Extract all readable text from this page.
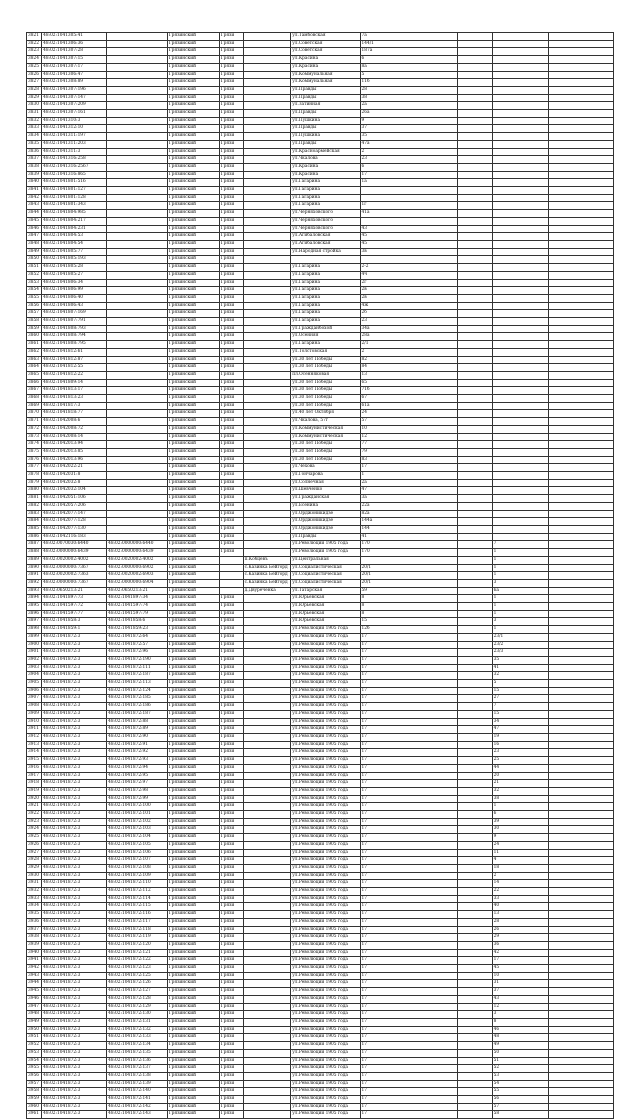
3821	48:02:1041305:41		Грязинский	Грязи		ул.Тамбовская	7а			
3822	48:02:1041306:36		Грязинский	Грязи		ул.Советская	144/1			
3823	48:02:1041307:28		Грязинский	Грязи		ул.Советская	187а			
3824	48:02:1041307:15		Грязинский	Грязи		ул.Красина	6			
3825	48:02:1041307:17		Грязинский	Грязи		ул.Красина	8а			
3826	48:02:1041306:47		Грязинский	Грязи		ул.Коммунальная	5			
3827	48:02:1041308:89		Грязинский	Грязи		ул.Коммунальная	11б			
3828	48:02:1041307:196		Грязинский	Грязи		ул.Правды	28			
3829	48:02:1041307:147		Грязинский	Грязи		ул.Правды	38			
3830	48:02:1041307:209		Грязинский	Грязи		ул.Затинная	2а			
3831	48:02:1041307:161		Грязинский	Грязи		ул.Правды	26а			
3832	48:02:1041310:3		Грязинский	Грязи		ул.Пушкина	9			
3833	48:02:1041312:10		Грязинский	Грязи		ул.Правды	37			
3834	48:02:1041311:197		Грязинский	Грязи		ул.Пушкина	35			
3835	48:02:1041311:203		Грязинский	Грязи		ул.Правды	47а			
3836	48:02:1041311:3		Грязинский	Грязи		ул.Красноармейская	2			
3837	48:02:1041316:258		Грязинский	Грязи		ул.Чкалова	23			
3838	48:02:1041316:2567		Грязинский	Грязи		ул.Красина	6			
3839	48:02:1041316:865		Грязинский	Грязи		ул.Красина	17			
3840	48:02:1041801:516		Грязинский	Грязи		ул.Гагарина	1а			
3841	48:02:1041801:127		Грязинский	Грязи		ул.Гагарина				
3842	48:02:1041801:128		Грязинский	Грязи		ул.Гагарина				
3843	48:02:1041801:343		Грязинский	Грязи		ул.Гагарина	1г			
3844	48:02:1041804:985		Грязинский	Грязи		ул.Черняховского	41а			
3845	48:02:1041804:217		Грязинский	Грязи		ул.Черняховского				
3846	48:02:1041804:231		Грязинский	Грязи		ул.Черняховского	43			
3847	48:02:1041804:53		Грязинский	Грязи		ул.Агибаловская	45			
3848	48:02:1041804:54		Грязинский	Грязи		ул.Агибаловская	45			
3849	48:02:1041805:77		Грязинский	Грязи		ул.Народная стройка	3в			
3850	48:02:1041805:193		Грязинский	Грязи						
3851	48:02:1041805:28		Грязинский	Грязи		ул.Гагарина	2-2			
3852	48:02:1041805:27		Грязинский	Грязи		ул.Гагарина	4ч			
3853	48:02:1041806:34		Грязинский	Грязи		ул.Гагарина	2г			
3854	48:02:1041806:99		Грязинский	Грязи		ул.Гагарина	2в			
3855	48:02:1041806:40		Грязинский	Грязи		ул.Гагарина	2в			
3856	48:02:1041806:43		Грязинский	Грязи		ул.Гагарина	4ж			
3857	48:02:1041807:169		Грязинский	Грязи		ул.Гагарина	2б			
3858	48:02:1041807:791		Грязинский	Грязи		ул.Гагарина	23			
3859	48:02:1041808:793		Грязинский	Грязи		ул.Гражданбохой	34а			
3860	48:02:1041808:794		Грязинский	Грязи		ул.Осенняя	28а			
3861	48:02:1041808:795		Грязинский	Грязи		ул.Гагарина	2/1			
3862	48:02:1041812:61		Грязинский	Грязи		ул.Толстовская	2			
3863	48:02:1041812:87		Грязинский	Грязи		ул.30 лет Победы	82			
3864	48:02:1041812:55		Грязинский	Грязи		ул.30 лет Победы	84			
3865	48:02:1041812:22		Грязинский	Грязи		пл.Осенняковая	13			
3866	48:02:1041809:14		Грязинский	Грязи		ул.30 лет Победы	65			
3867	48:02:1041813:17		Грязинский	Грязи		ул.30 лет Победы	71б			
3868	48:02:1041813:23		Грязинский	Грязи		ул.30 лет Победы	67			
3869	48:02:1041817:3		Грязинский	Грязи		ул.30 лет Победы	61а			
3870	48:02:1041818:77		Грязинский	Грязи		ул.40 лет Октября	24			
3871	48:02:1042008:6		Грязинский	Грязи		ул.Чкалова, 57г	57			
3872	48:02:1042008:72		Грязинский	Грязи		ул.Коммунистическая	10			
3873	48:02:1042008:14		Грязинский	Грязи		ул.Коммунистическая	12			
3874	48:02:1042013:94		Грязинский	Грязи		ул.30 лет Победы	77			
3875	48:02:1042013:85		Грязинский	Грязи		ул.30 лет Победы	79			
3876	48:02:1042013:96		Грязинский	Грязи		ул.30 лет Победы	83			
3877	48:02:1042022:21		Грязинский	Грязи		ул.Чехова	17			
3878	48:02:1042031:8		Грязинский	Грязи		ул.Гончарова	1			
3879	48:02:1042032:8		Грязинский	Грязи		ул.Солнечная	2а			
3880	48:02:1042032:104		Грязинский	Грязи		ул.Шевченко	47			
3881	48:02:1042051:106		Грязинский	Грязи		ул.Гражданская	3а			
3882	48:02:1042057:206		Грязинский	Грязи		ул.Есенина	22а			
3883	48:02:1042077:147		Грязинский	Грязи		ул.Орджоникидзе	82а			
3884	48:02:1042077:128		Грязинский	Грязи		ул.Орджоникидзе	144а			
3885	48:02:1042077:130		Грязинский	Грязи		ул.Орджоникидзе	144			
3886	48:02:1042116:183		Грязинский	Грязи		ул.Правды	41			
3887	48:02:0070030:6440	48:02:0000000:6440	Грязинский	Грязи		ул.Революции 1905 года	170		7	
3888	48:02:0000000:6439	48:02:0000000:6439	Грязинский	Грязи		ул.Революции 1905 года	170		1	
3889	48:02:0020002:4002	48:02:0020002:4002	Грязинский		п.Кобцевъ	ул.Центральная			1	
3890	48:02:0000000:7367	48:02:0000000:6902	Грязинский		с.Казинка Бейгорд	ул.Социалистическая	20/1		1	
3891	48:02:0020002:7363	48:02:0020002:6903	Грязинский		с.Казинка Бейгорд	ул.Социалистическая	20/1		1	
3892	48:02:0000000:7367	48:02:0000000:6904	Грязинский		с.Казинка Бейгорд	ул.Социалистическая	20/1		3	
3893	48:02:0650213:21	48:02:0650213:21	Грязинский		д.Двуреченка	ул.Татарская	59		6а	
3894	48:02:1041897:73	48:02:1041897:34	Грязинский	Грязи		ул.Юрьевская	8		1	
3895	48:02:1041597:72	48:02:1041597:74	Грязинский	Грязи		ул.Юрьевская	8		1	
3896	48:02:1041597:77	48:02:1041597:79	Грязинский	Грязи		ул.Юрьевская	8		1	
3897	48:02:1041858:3	48:02:1041858:6	Грязинский	Грязи		ул.Юрьевская	15		3	
3898	48:02:1041859:1	48:02:1041859:23	Грязинский	Грязи		ул.Революции 1905 года	12б		1	
3899	48:02:1041872:3	48:02:1041872:64	Грязинский	Грязи		ул.Революции 1905 года	17		23/1	
3900	48:02:1041872:3	48:02:1041872:57	Грязинский	Грязи		ул.Революции 1905 года	17		23/2	
3901	48:02:1041872:3	48:02:1041872:96	Грязинский	Грязи		ул.Революции 1905 года	17		23/3	
3902	48:02:1041872:3	48:02:1041872:190	Грязинский	Грязи		ул.Революции 1905 года	17		35	
3903	48:02:1041872:3	48:02:1041872:111	Грязинский	Грязи		ул.Революции 1905 года	17		41	
3904	48:02:1041872:3	48:02:1041872:187	Грязинский	Грязи		ул.Революции 1905 года	17		32	
3905	48:02:1041872:3	48:02:1041872:113	Грязинский	Грязи		ул.Революции 1905 года	17		5	
3906	48:02:1041872:3	48:02:1041872:124	Грязинский	Грязи		ул.Революции 1905 года	17		15	
3907	48:02:1041872:3	48:02:1041872:185	Грязинский	Грязи		ул.Революции 1905 года	17		27	
3908	48:02:1041872:3	48:02:1041872:186	Грязинский	Грязи		ул.Революции 1905 года	17		7	
3909	48:02:1041872:3	48:02:1041872:187	Грязинский	Грязи		ул.Революции 1905 года	17		15	
3910	48:02:1041872:3	48:02:1041872:88	Грязинский	Грязи		ул.Революции 1905 года	17		34	
3911	48:02:1041872:3	48:02:1041872:89	Грязинский	Грязи		ул.Революции 1905 года	17		47	
3912	48:02:1041872:3	48:02:1041872:90	Грязинский	Грязи		ул.Революции 1905 года	17		19	
3913	48:02:1041872:3	48:02:1041872:91	Грязинский	Грязи		ул.Революции 1905 года	17		16	
3914	48:02:1041872:3	48:02:1041872:92	Грязинский	Грязи		ул.Революции 1905 года	17		23	
3915	48:02:1041872:3	48:02:1041872:93	Грязинский	Грязи		ул.Революции 1905 года	17		25	
3916	48:02:1041872:3	48:02:1041872:94	Грязинский	Грязи		ул.Революции 1905 года	17		44	
3917	48:02:1041872:3	48:02:1041872:95	Грязинский	Грязи		ул.Революции 1905 года	17		20	
3918	48:02:1041872:3	48:02:1041872:97	Грязинский	Грязи		ул.Революции 1905 года	17		21	
3919	48:02:1041872:3	48:02:1041872:98	Грязинский	Грязи		ул.Революции 1905 года	17		32	
3920	48:02:1041872:3	48:02:1041872:99	Грязинский	Грязи		ул.Революции 1905 года	17		38	
3921	48:02:1041872:3	48:02:1041872:100	Грязинский	Грязи		ул.Революции 1905 года	17		1	
3922	48:02:1041872:3	48:02:1041872:101	Грязинский	Грязи		ул.Революции 1905 года	17		6	
3923	48:02:1041872:3	48:02:1041872:102	Грязинский	Грязи		ул.Революции 1905 года	17		39	
3924	48:02:1041872:3	48:02:1041872:103	Грязинский	Грязи		ул.Революции 1905 года	17		30	
3925	48:02:1041872:3	48:02:1041872:104	Грязинский	Грязи		ул.Революции 1905 года	17		9	
3926	48:02:1041872:3	48:02:1041872:105	Грязинский	Грязи		ул.Революции 1905 года	17		24	
3927	48:02:1041872:3	48:02:1041872:106	Грязинский	Грязи		ул.Революции 1905 года	17		11	
3928	48:02:1041872:3	48:02:1041872:107	Грязинский	Грязи		ул.Революции 1905 года	17		4	
3929	48:02:1041872:3	48:02:1041872:108	Грязинский	Грязи		ул.Революции 1905 года	17		18	
3930	48:02:1041872:3	48:02:1041872:109	Грязинский	Грязи		ул.Революции 1905 года	17		2	
3931	48:02:1041872:3	48:02:1041872:110	Грязинский	Грязи		ул.Революции 1905 года	17		14	
3932	48:02:1041872:3	48:02:1041872:112	Грязинский	Грязи		ул.Революции 1905 года	17		22	
3933	48:02:1041872:3	48:02:1041872:114	Грязинский	Грязи		ул.Революции 1905 года	17		33	
3934	48:02:1041872:3	48:02:1041872:115	Грязинский	Грязи		ул.Революции 1905 года	17		40	
3935	48:02:1041872:3	48:02:1041872:116	Грязинский	Грязи		ул.Революции 1905 года	17		13	
3936	48:02:1041872:3	48:02:1041872:117	Грязинский	Грязи		ул.Революции 1905 года	17		28	
3937	48:02:1041872:3	48:02:1041872:118	Грязинский	Грязи		ул.Революции 1905 года	17		26	
3938	48:02:1041872:3	48:02:1041872:119	Грязинский	Грязи		ул.Революции 1905 года	17		29	
3939	48:02:1041872:3	48:02:1041872:120	Грязинский	Грязи		ул.Революции 1905 года	17		36	
3940	48:02:1041872:3	48:02:1041872:121	Грязинский	Грязи		ул.Революции 1905 года	17		42	
3941	48:02:1041872:3	48:02:1041872:122	Грязинский	Грязи		ул.Революции 1905 года	17		17	
3942	48:02:1041872:3	48:02:1041872:123	Грязинский	Грязи		ул.Революции 1905 года	17		45	
3943	48:02:1041872:3	48:02:1041872:125	Грязинский	Грязи		ул.Революции 1905 года	17		10	
3944	48:02:1041872:3	48:02:1041872:126	Грязинский	Грязи		ул.Революции 1905 года	17		31	
3945	48:02:1041872:3	48:02:1041872:127	Грязинский	Грязи		ул.Революции 1905 года	17		37	
3946	48:02:1041872:3	48:02:1041872:128	Грязинский	Грязи		ул.Революции 1905 года	17		43	
3947	48:02:1041872:3	48:02:1041872:129	Грязинский	Грязи		ул.Революции 1905 года	17		12	
3948	48:02:1041872:3	48:02:1041872:130	Грязинский	Грязи		ул.Революции 1905 года	17		3	
3949	48:02:1041872:3	48:02:1041872:131	Грязинский	Грязи		ул.Революции 1905 года	17		8	
3950	48:02:1041872:3	48:02:1041872:132	Грязинский	Грязи		ул.Революции 1905 года	17		46	
3951	48:02:1041872:3	48:02:1041872:133	Грязинский	Грязи		ул.Революции 1905 года	17		48	
3952	48:02:1041872:3	48:02:1041872:134	Грязинский	Грязи		ул.Революции 1905 года	17		49	
3953	48:02:1041872:3	48:02:1041872:135	Грязинский	Грязи		ул.Революции 1905 года	17		50	
3954	48:02:1041872:3	48:02:1041872:136	Грязинский	Грязи		ул.Революции 1905 года	17		51	
3955	48:02:1041872:3	48:02:1041872:137	Грязинский	Грязи		ул.Революции 1905 года	17		52	
3956	48:02:1041872:3	48:02:1041872:138	Грязинский	Грязи		ул.Революции 1905 года	17		53	
3957	48:02:1041872:3	48:02:1041872:139	Грязинский	Грязи		ул.Революции 1905 года	17		54	
3958	48:02:1041872:3	48:02:1041872:140	Грязинский	Грязи		ул.Революции 1905 года	17		55	
3959	48:02:1041872:3	48:02:1041872:141	Грязинский	Грязи		ул.Революции 1905 года	17		56	
3960	48:02:1041872:3	48:02:1041872:142	Грязинский	Грязи		ул.Революции 1905 года	17		57	
3961	48:02:1041872:3	48:02:1041872:143	Грязинский	Грязи		ул.Революции 1905 года	17		58	
